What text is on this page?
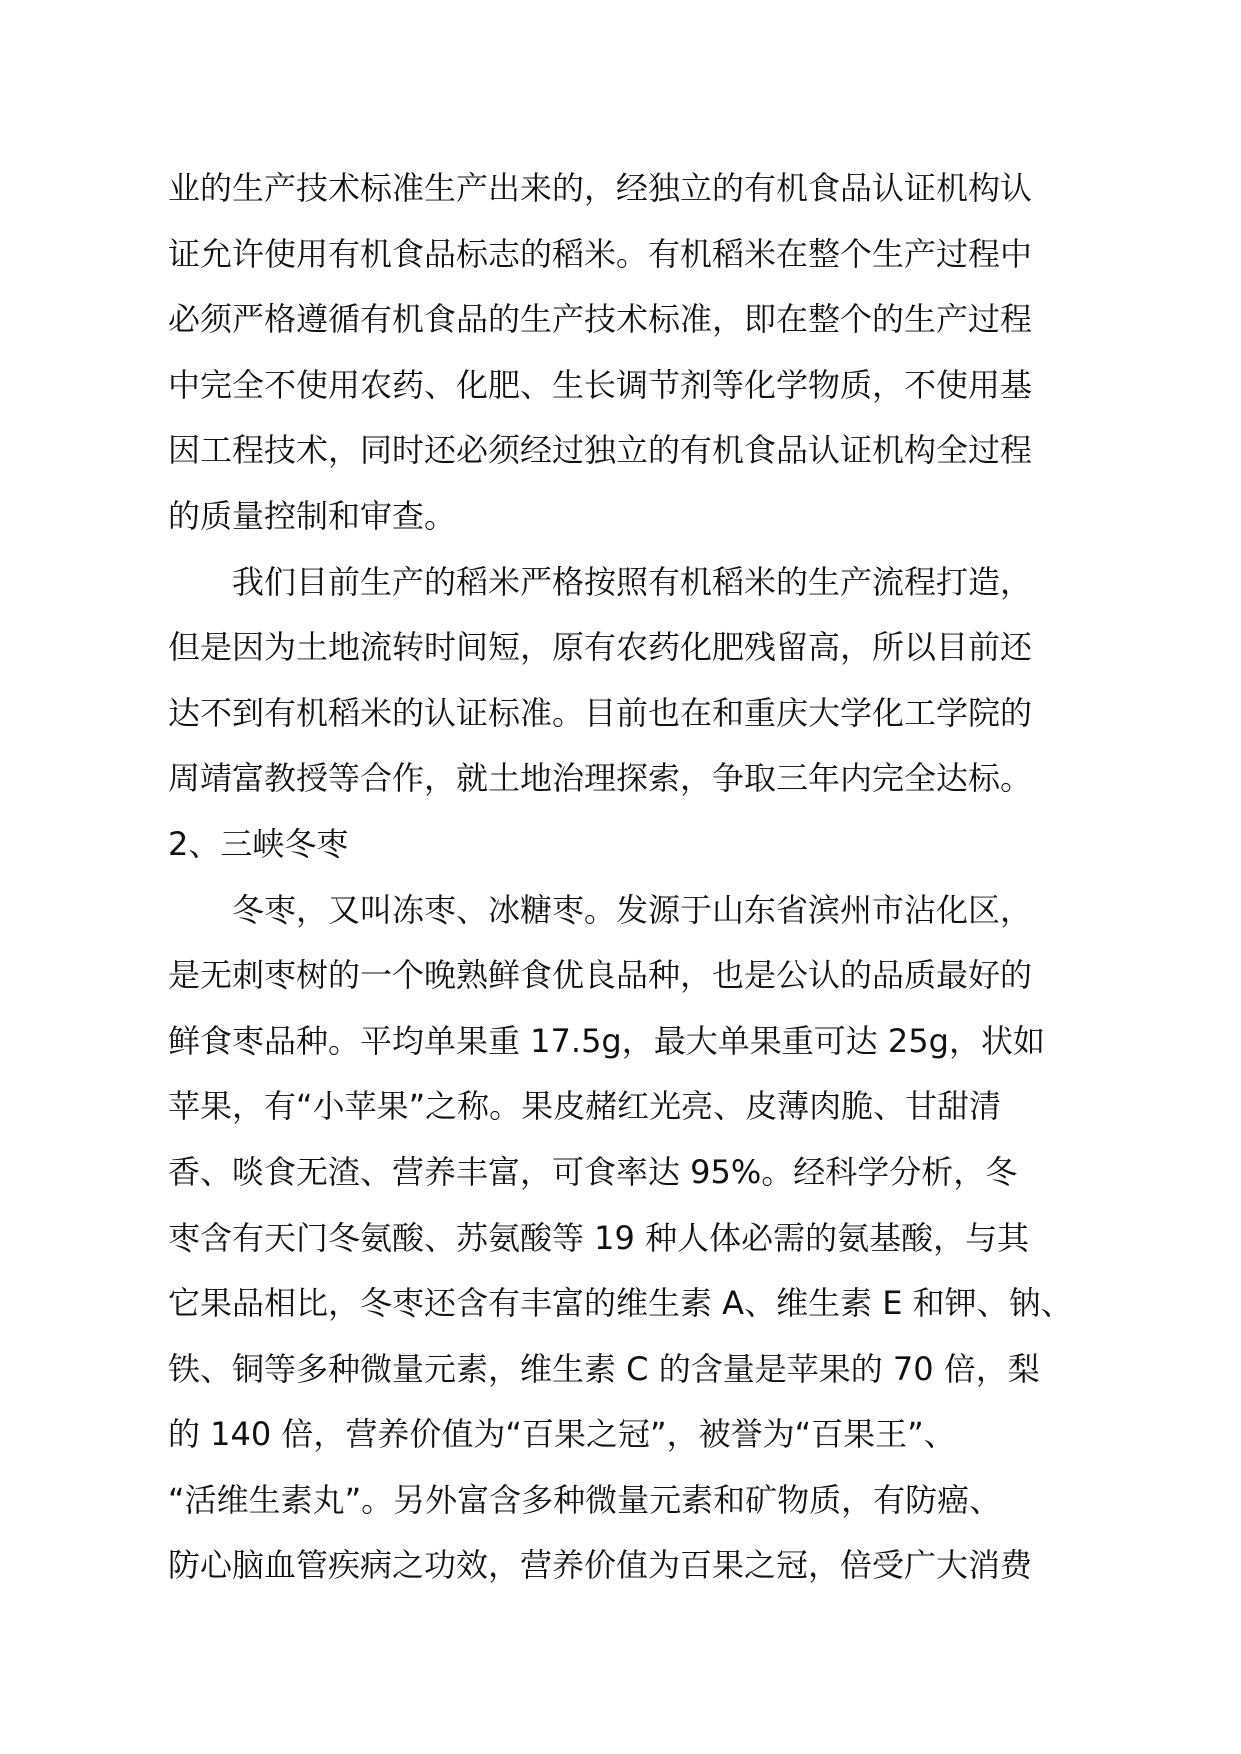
业的生产技术标准生产出来的，经独立的有机食品认证机构认
证允许使用有机食品标志的稻米。有机稻米在整个生产过程中
必须严格遵循有机食品的生产技术标准，即在整个的生产过程
中完全不使用农药、化肥、生长调节剂等化学物质，不使用基
因工程技术，同时还必须经过独立的有机食品认证机构全过程
的质量控制和审查。
　　我们目前生产的稻米严格按照有机稻米的生产流程打造，
但是因为土地流转时间短，原有农药化肥残留高，所以目前还
达不到有机稻米的认证标准。目前也在和重庆大学化工学院的
周靖富教授等合作，就土地治理探索，争取三年内完全达标。
2、三峡冬枣
　　冬枣，又叫冻枣、冰糖枣。发源于山东省滨州市沾化区，
是无刺枣树的一个晚熟鲜食优良品种，也是公认的品质最好的
鲜食枣品种。平均单果重 17.5g，最大单果重可达 25g，状如
苹果，有“小苹果”之称。果皮赭红光亮、皮薄肉脆、甘甜清
香、啖食无渣、营养丰富，可食率达 95%。经科学分析，冬
枣含有天门冬氨酸、苏氨酸等 19 种人体必需的氨基酸，与其
它果品相比，冬枣还含有丰富的维生素 A、维生素 E 和钾、钠、
铁、铜等多种微量元素，维生素 C 的含量是苹果的 70 倍，梨
的 140 倍，营养价值为“百果之冠”，被誉为“百果王”、
“活维生素丸”。另外富含多种微量元素和矿物质，有防癌、
防心脑血管疾病之功效，营养价值为百果之冠，倍受广大消费
